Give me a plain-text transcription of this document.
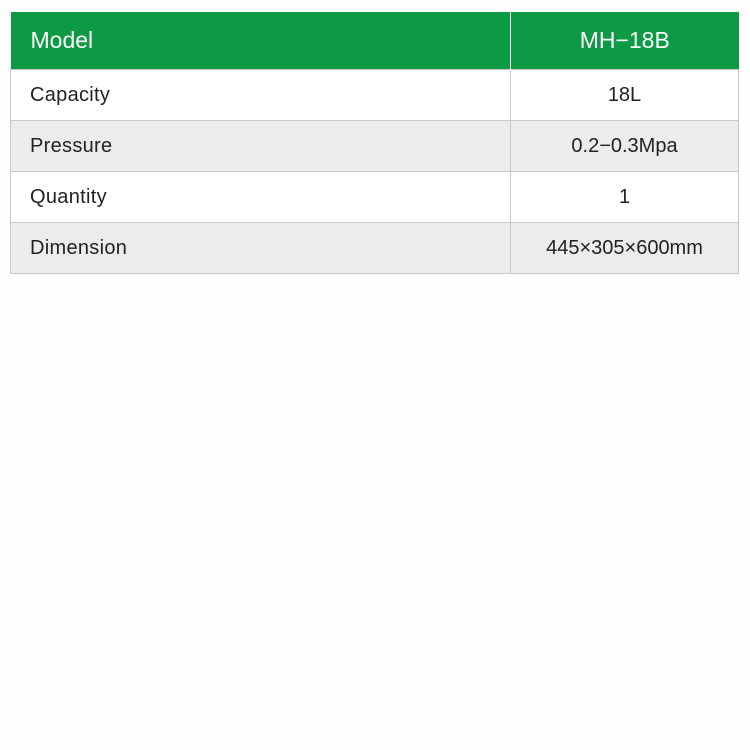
Model	MH−18B
Capacity	18L
Pressure	0.2−0.3Mpa
Quantity	1
Dimension	445×305×600mm
